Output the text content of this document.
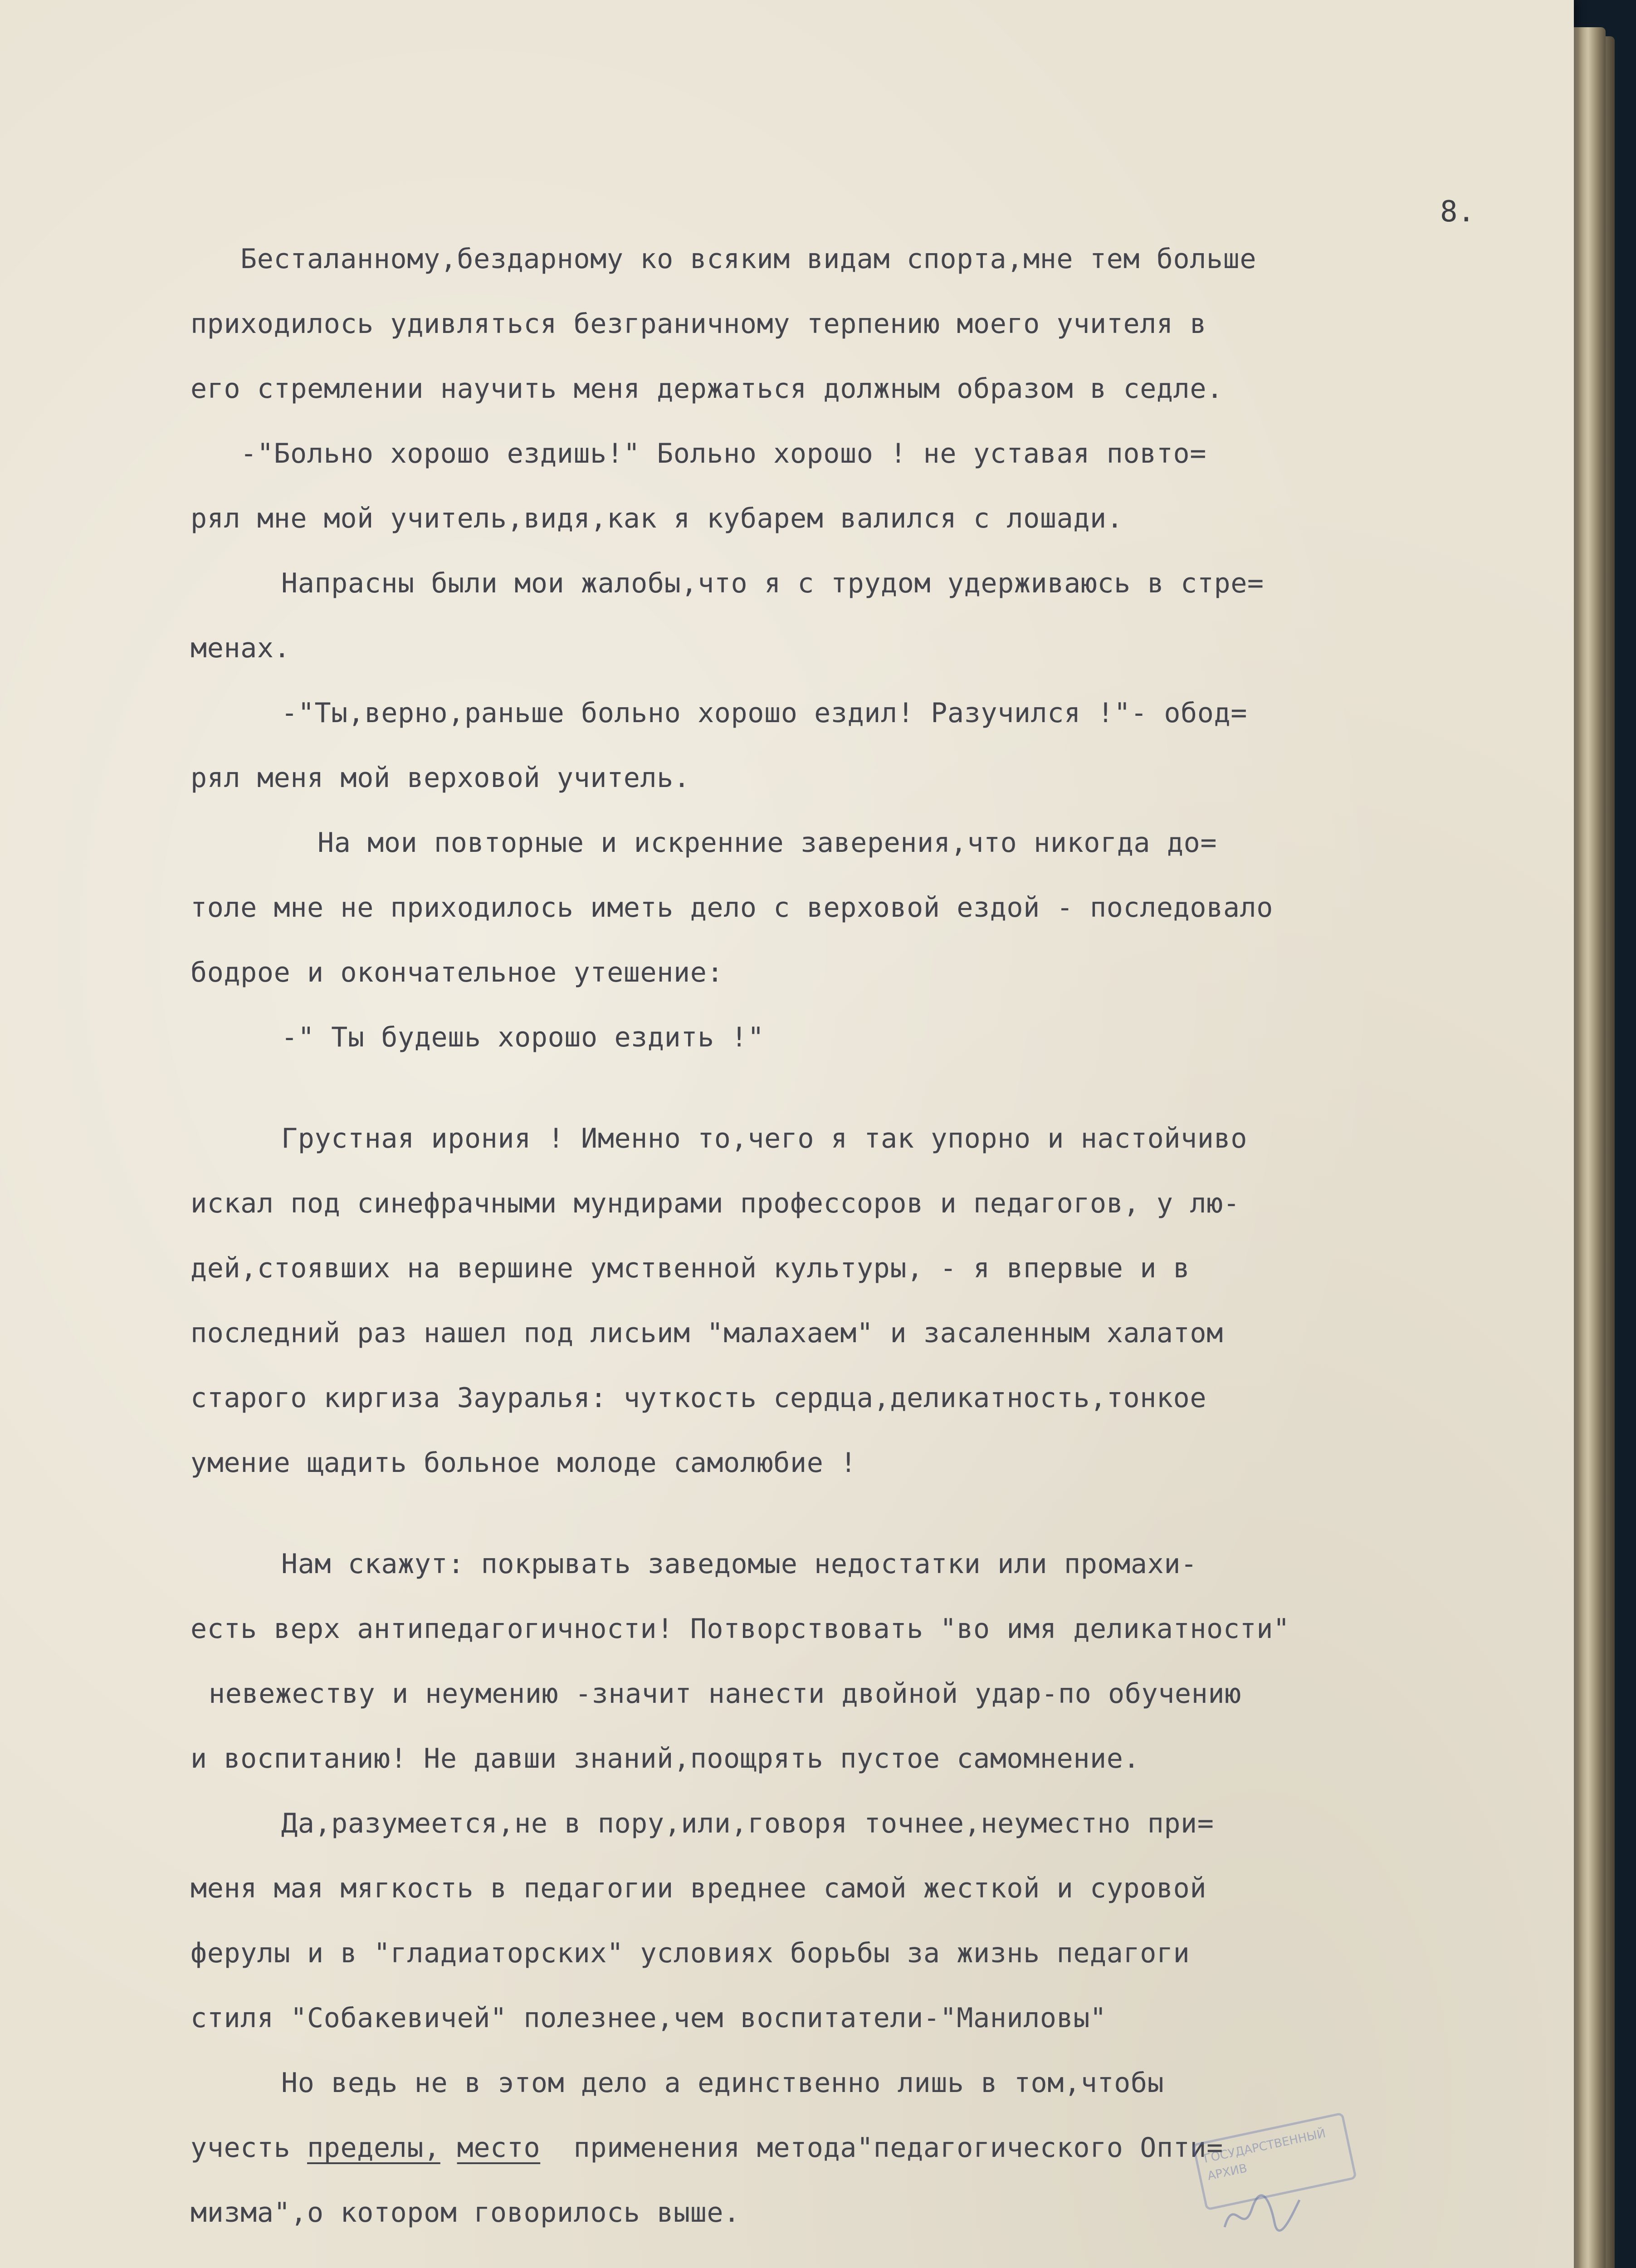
8.
Бесталанному,бездарному ко всяким видам спорта,мне тем больше
приходилось удивляться безграничному терпению моего учителя в
его стремлении научить меня держаться должным образом в седле.
-"Больно хорошо ездишь!" Больно хорошо ! не уставая повто=
рял мне мой учитель,видя,как я кубарем валился с лошади.
Напрасны были мои жалобы,что я с трудом удерживаюсь в стре=
менах.
-"Ты,верно,раньше больно хорошо ездил! Разучился !"- обод=
рял меня мой верховой учитель.
На мои повторные и искренние заверения,что никогда до=
толе мне не приходилось иметь дело с верховой ездой - последовало
бодрое и окончательное утешение:
-" Ты будешь хорошо ездить !"
Грустная ирония ! Именно то,чего я так упорно и настойчиво
искал под синефрачными мундирами профессоров и педагогов, у лю-
дей,стоявших на вершине умственной культуры, - я впервые и в
последний раз нашел под лисьим "малахаем" и засаленным халатом
старого киргиза Зауралья: чуткость сердца,деликатность,тонкое
умение щадить больное молоде самолюбие !
Нам скажут: покрывать заведомые недостатки или промахи-
есть верх антипедагогичности! Потворствовать "во имя деликатности"
невежеству и неумению -значит нанести двойной удар-по обучению
и воспитанию! Не давши знаний,поощрять пустое самомнение.
Да,разумеется,не в пору,или,говоря точнее,неуместно при=
меня мая мягкость в педагогии вреднее самой жесткой и суровой
ферулы и в "гладиаторских" условиях борьбы за жизнь педагоги
стиля "Собакевичей" полезнее,чем воспитатели-"Маниловы"
Но ведь не в этом дело а единственно лишь в том,чтобы
учесть пределы, место  применения метода"педагогического Опти=
мизма",о котором говорилось выше.
ГОСУДАРСТВЕННЫЙ АРХИВ
